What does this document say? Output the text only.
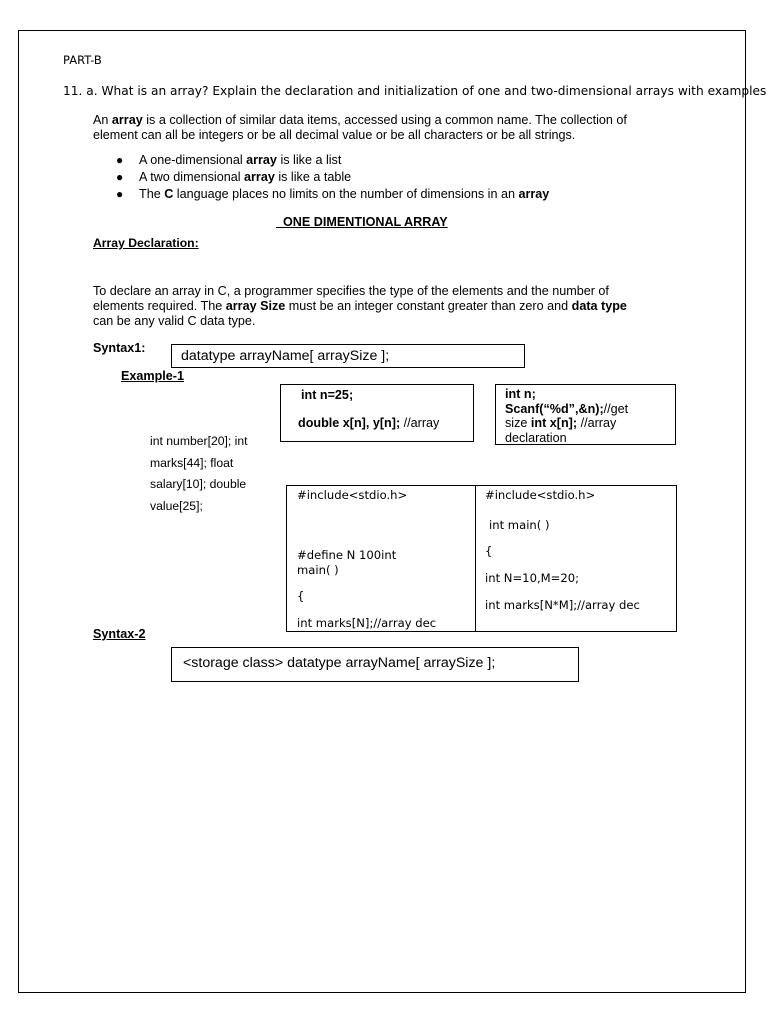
PART-B
11. a. What is an array? Explain the declaration and initialization of one and two-dimensional arrays with examples
An array is a collection of similar data items, accessed using a common name. The collection of
element can all be integers or be all decimal value or be all characters or be all strings.
● A one-dimensional array is like a list
● A two dimensional array is like a table
● The C language places no limits on the number of dimensions in an array
_ONE DIMENTIONAL ARRAY
Array Declaration:
To declare an array in C, a programmer specifies the type of the elements and the number of
elements required. The array Size must be an integer constant greater than zero and data type
can be any valid C data type.
Syntax1:	datatype arrayName[ arraySize ];
Example-1
int number[20]; int
marks[44]; float
salary[10]; double
value[25];
int n=25;
double x[n], y[n]; //array
int n;
Scanf(“%d”,&n);//get
size int x[n]; //array
declaration
#include<stdio.h>
#define N 100int
main( )
{
int marks[N];//array dec
#include<stdio.h>
int main( )
{
int N=10,M=20;
int marks[N*M];//array dec
Syntax-2
<storage class> datatype arrayName[ arraySize ];
